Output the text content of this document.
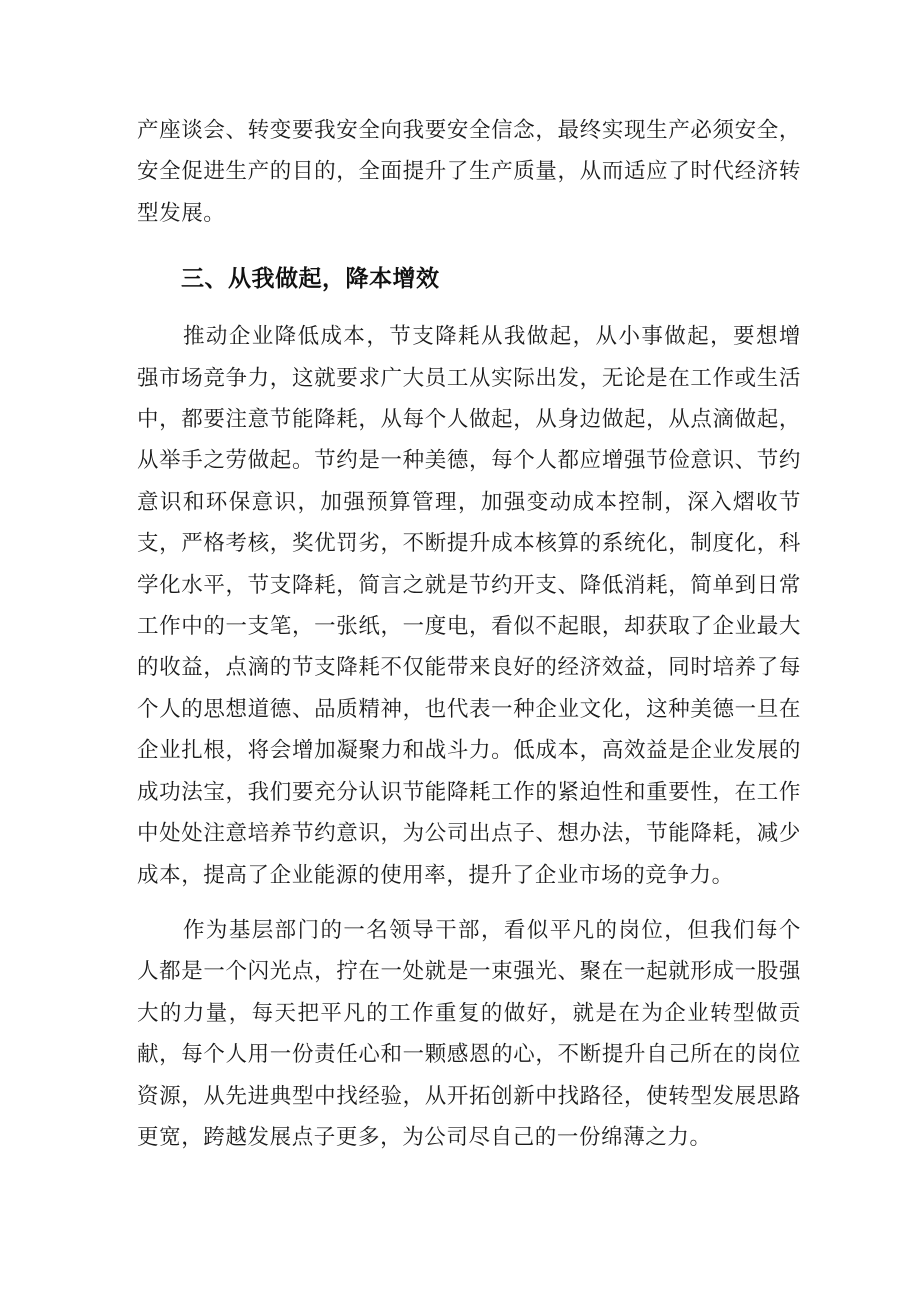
产座谈会、转变要我安全向我要安全信念，最终实现生产必须安全，安全促进生产的目的，全面提升了生产质量，从而适应了时代经济转型发展。

三、从我做起，降本增效

推动企业降低成本，节支降耗从我做起，从小事做起，要想增强市场竞争力，这就要求广大员工从实际出发，无论是在工作或生活中，都要注意节能降耗，从每个人做起，从身边做起，从点滴做起，从举手之劳做起。节约是一种美德，每个人都应增强节俭意识、节约意识和环保意识，加强预算管理，加强变动成本控制，深入熠收节支，严格考核，奖优罚劣，不断提升成本核算的系统化，制度化，科学化水平，节支降耗，简言之就是节约开支、降低消耗，简单到日常工作中的一支笔，一张纸，一度电，看似不起眼，却获取了企业最大的收益，点滴的节支降耗不仅能带来良好的经济效益，同时培养了每个人的思想道德、品质精神，也代表一种企业文化，这种美德一旦在企业扎根，将会增加凝聚力和战斗力。低成本，高效益是企业发展的成功法宝，我们要充分认识节能降耗工作的紧迫性和重要性，在工作中处处注意培养节约意识，为公司出点子、想办法，节能降耗，减少成本，提高了企业能源的使用率，提升了企业市场的竞争力。

作为基层部门的一名领导干部，看似平凡的岗位，但我们每个人都是一个闪光点，拧在一处就是一束强光、聚在一起就形成一股强大的力量，每天把平凡的工作重复的做好，就是在为企业转型做贡献，每个人用一份责任心和一颗感恩的心，不断提升自己所在的岗位资源，从先进典型中找经验，从开拓创新中找路径，使转型发展思路更宽，跨越发展点子更多，为公司尽自己的一份绵薄之力。
